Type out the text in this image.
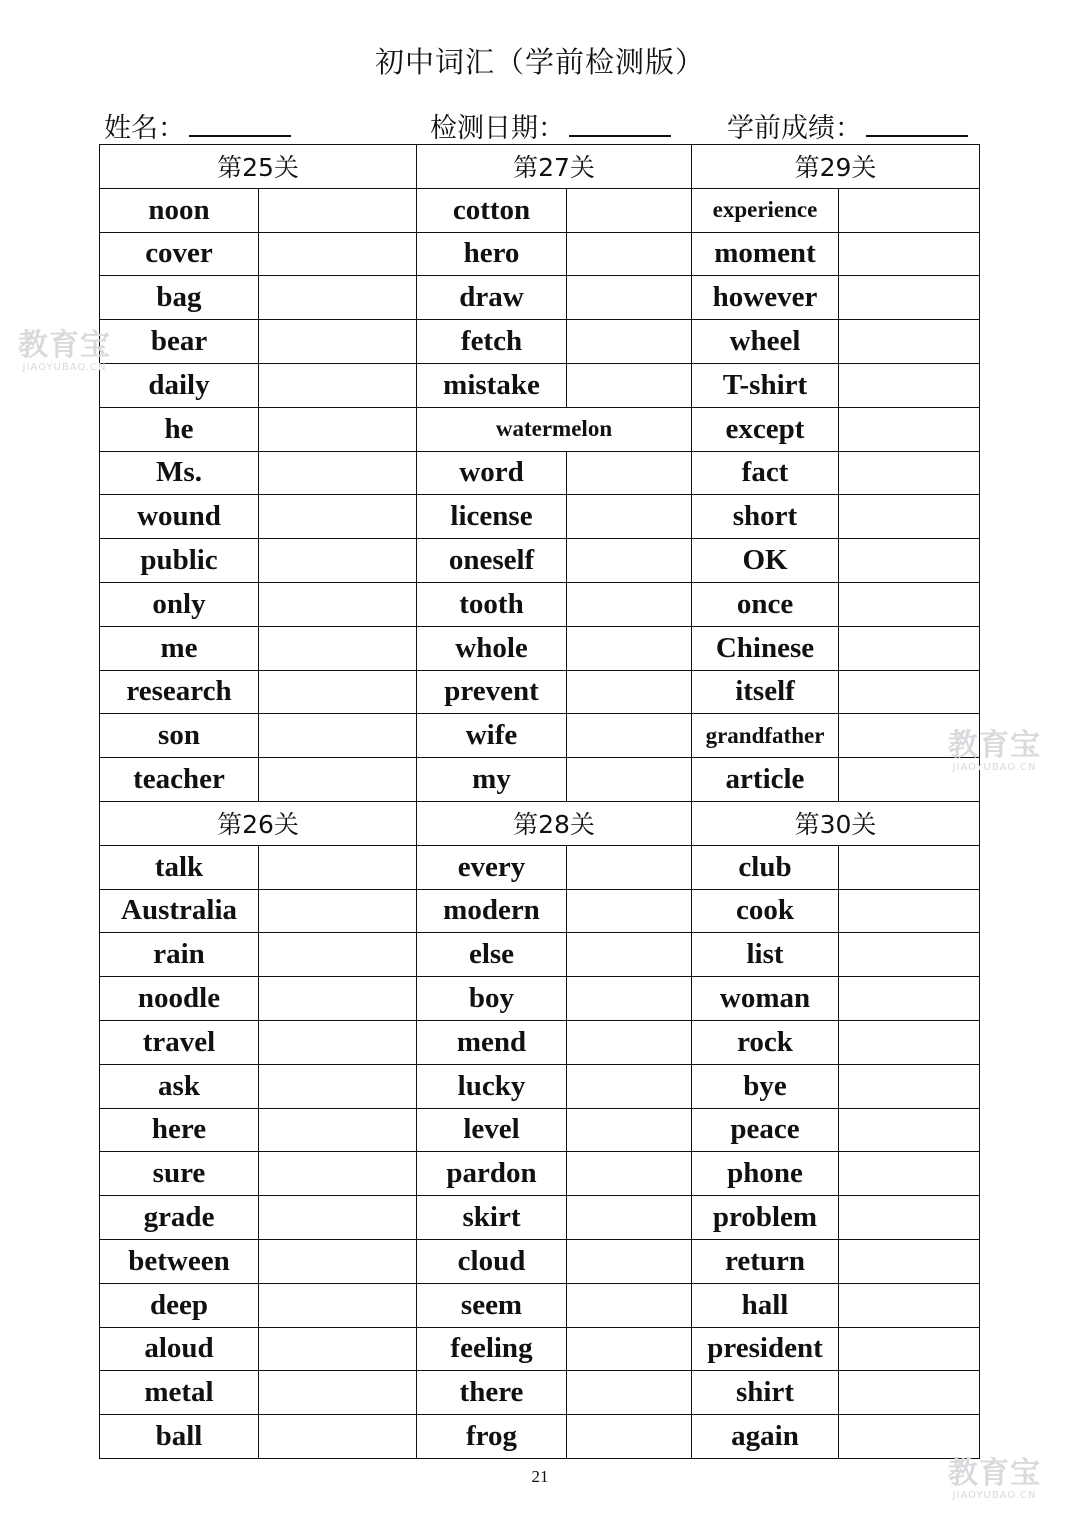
初中词汇（学前检测版）
姓名：	检测日期：	学前成绩：
第25关		第27关		第29关	
noon		cotton		experience	
cover		hero		moment	
bag		draw		however	
bear		fetch		wheel	
daily		mistake		T-shirt	
he		watermelon		except	
Ms.		word		fact	
wound		license		short	
public		oneself		OK	
only		tooth		once	
me		whole		Chinese	
research		prevent		itself	
son		wife		grandfather	
teacher		my		article	
第26关		第28关		第30关	
talk		every		club	
Australia		modern		cook	
rain		else		list	
noodle		boy		woman	
travel		mend		rock	
ask		lucky		bye	
here		level		peace	
sure		pardon		phone	
grade		skirt		problem	
between		cloud		return	
deep		seem		hall	
aloud		feeling		president	
metal		there		shirt	
ball		frog		again	
21
教育宝
JIAOYUBAO.CN
教育宝
JIAOYUBAO.CN
教育宝
JIAOYUBAO.CN
